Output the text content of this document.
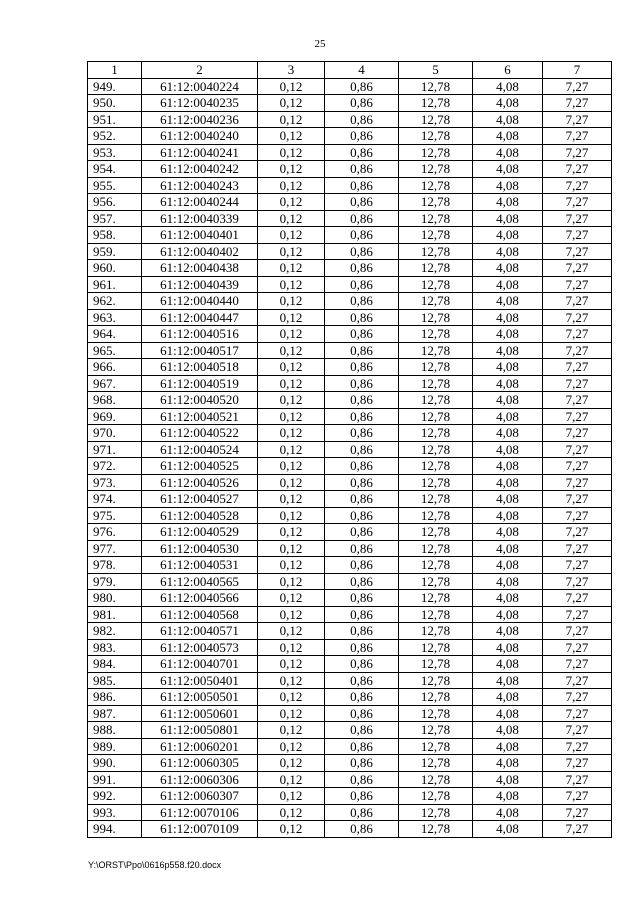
25
1	2	3	4	5	6	7
949.	61:12:0040224	0,12	0,86	12,78	4,08	7,27
950.	61:12:0040235	0,12	0,86	12,78	4,08	7,27
951.	61:12:0040236	0,12	0,86	12,78	4,08	7,27
952.	61:12:0040240	0,12	0,86	12,78	4,08	7,27
953.	61:12:0040241	0,12	0,86	12,78	4,08	7,27
954.	61:12:0040242	0,12	0,86	12,78	4,08	7,27
955.	61:12:0040243	0,12	0,86	12,78	4,08	7,27
956.	61:12:0040244	0,12	0,86	12,78	4,08	7,27
957.	61:12:0040339	0,12	0,86	12,78	4,08	7,27
958.	61:12:0040401	0,12	0,86	12,78	4,08	7,27
959.	61:12:0040402	0,12	0,86	12,78	4,08	7,27
960.	61:12:0040438	0,12	0,86	12,78	4,08	7,27
961.	61:12:0040439	0,12	0,86	12,78	4,08	7,27
962.	61:12:0040440	0,12	0,86	12,78	4,08	7,27
963.	61:12:0040447	0,12	0,86	12,78	4,08	7,27
964.	61:12:0040516	0,12	0,86	12,78	4,08	7,27
965.	61:12:0040517	0,12	0,86	12,78	4,08	7,27
966.	61:12:0040518	0,12	0,86	12,78	4,08	7,27
967.	61:12:0040519	0,12	0,86	12,78	4,08	7,27
968.	61:12:0040520	0,12	0,86	12,78	4,08	7,27
969.	61:12:0040521	0,12	0,86	12,78	4,08	7,27
970.	61:12:0040522	0,12	0,86	12,78	4,08	7,27
971.	61:12:0040524	0,12	0,86	12,78	4,08	7,27
972.	61:12:0040525	0,12	0,86	12,78	4,08	7,27
973.	61:12:0040526	0,12	0,86	12,78	4,08	7,27
974.	61:12:0040527	0,12	0,86	12,78	4,08	7,27
975.	61:12:0040528	0,12	0,86	12,78	4,08	7,27
976.	61:12:0040529	0,12	0,86	12,78	4,08	7,27
977.	61:12:0040530	0,12	0,86	12,78	4,08	7,27
978.	61:12:0040531	0,12	0,86	12,78	4,08	7,27
979.	61:12:0040565	0,12	0,86	12,78	4,08	7,27
980.	61:12:0040566	0,12	0,86	12,78	4,08	7,27
981.	61:12:0040568	0,12	0,86	12,78	4,08	7,27
982.	61:12:0040571	0,12	0,86	12,78	4,08	7,27
983.	61:12:0040573	0,12	0,86	12,78	4,08	7,27
984.	61:12:0040701	0,12	0,86	12,78	4,08	7,27
985.	61:12:0050401	0,12	0,86	12,78	4,08	7,27
986.	61:12:0050501	0,12	0,86	12,78	4,08	7,27
987.	61:12:0050601	0,12	0,86	12,78	4,08	7,27
988.	61:12:0050801	0,12	0,86	12,78	4,08	7,27
989.	61:12:0060201	0,12	0,86	12,78	4,08	7,27
990.	61:12:0060305	0,12	0,86	12,78	4,08	7,27
991.	61:12:0060306	0,12	0,86	12,78	4,08	7,27
992.	61:12:0060307	0,12	0,86	12,78	4,08	7,27
993.	61:12:0070106	0,12	0,86	12,78	4,08	7,27
994.	61:12:0070109	0,12	0,86	12,78	4,08	7,27
Y:\ORST\Ppo\0616p558.f20.docx
